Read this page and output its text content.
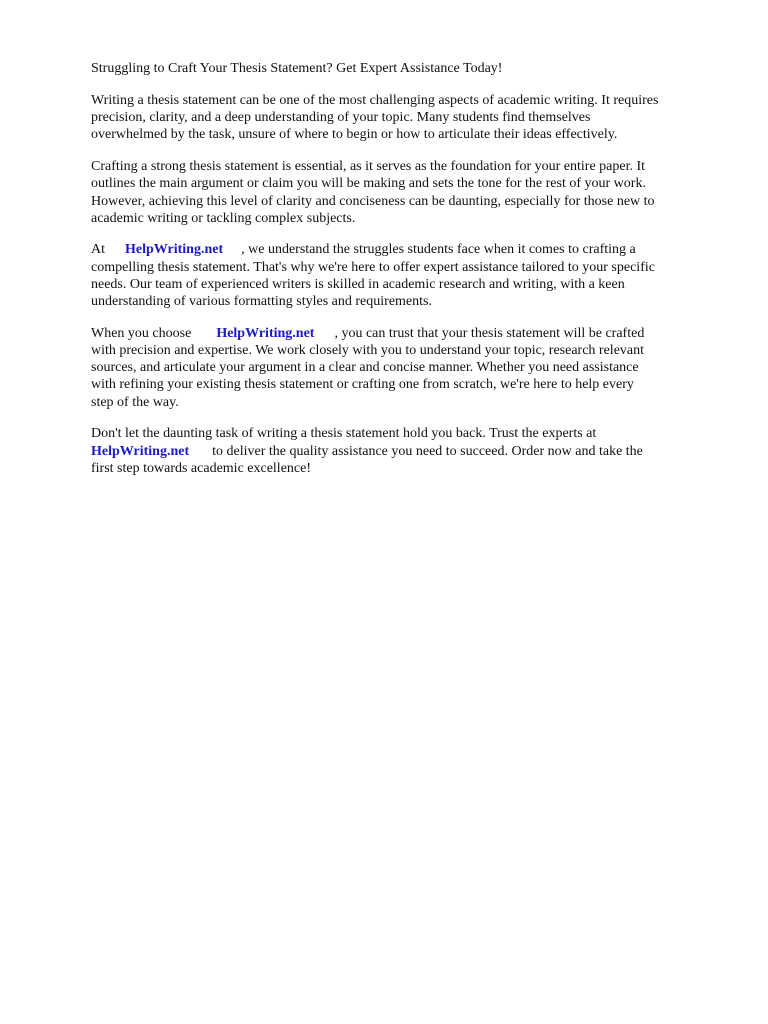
Struggling to Craft Your Thesis Statement? Get Expert Assistance Today!
Writing a thesis statement can be one of the most challenging aspects of academic writing. It requires
precision, clarity, and a deep understanding of your topic. Many students find themselves
overwhelmed by the task, unsure of where to begin or how to articulate their ideas effectively.
Crafting a strong thesis statement is essential, as it serves as the foundation for your entire paper. It
outlines the main argument or claim you will be making and sets the tone for the rest of your work.
However, achieving this level of clarity and conciseness can be daunting, especially for those new to
academic writing or tackling complex subjects.
At HelpWriting.net , we understand the struggles students face when it comes to crafting a
compelling thesis statement. That's why we're here to offer expert assistance tailored to your specific
needs. Our team of experienced writers is skilled in academic research and writing, with a keen
understanding of various formatting styles and requirements.
When you choose HelpWriting.net , you can trust that your thesis statement will be crafted
with precision and expertise. We work closely with you to understand your topic, research relevant
sources, and articulate your argument in a clear and concise manner. Whether you need assistance
with refining your existing thesis statement or crafting one from scratch, we're here to help every
step of the way.
Don't let the daunting task of writing a thesis statement hold you back. Trust the experts at
HelpWriting.net to deliver the quality assistance you need to succeed. Order now and take the
first step towards academic excellence!
